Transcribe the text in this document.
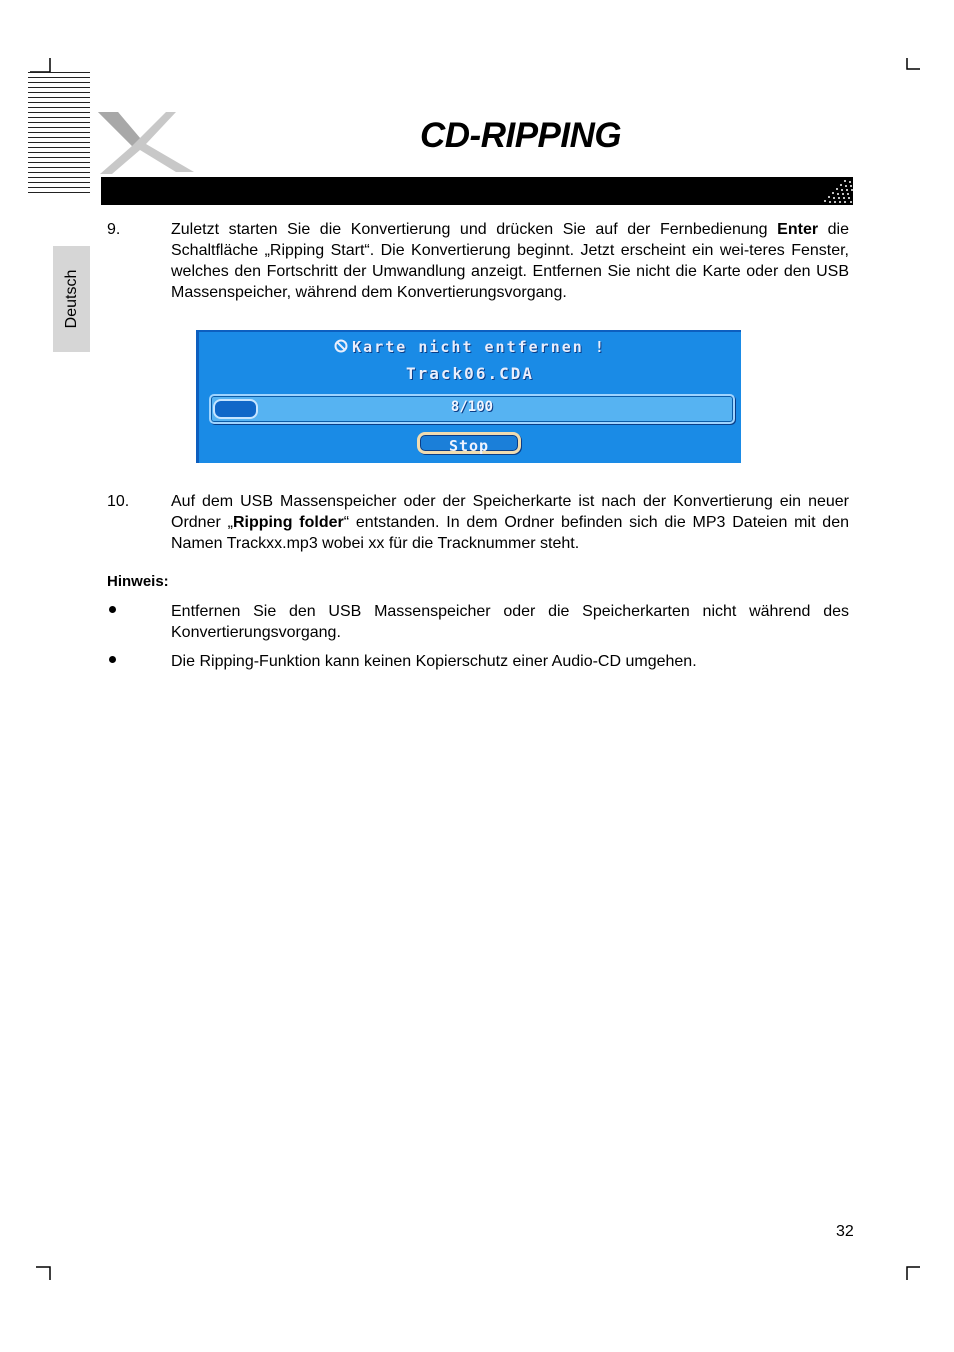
CD-RIPPING
Deutsch
9.	Zuletzt starten Sie die Konvertierung und drücken Sie auf der Fernbedienung Enter die Schaltfläche „Ripping Start“. Die Konvertierung beginnt. Jetzt erscheint ein wei-teres Fenster, welches den Fortschritt der Umwandlung anzeigt. Entfernen Sie nicht die Karte oder den USB Massenspeicher, während dem Konvertierungsvorgang.
Karte nicht entfernen !
Track06.CDA
8/100
Stop
10.	Auf dem USB Massenspeicher oder der Speicherkarte ist nach der Konvertierung ein neuer Ordner „Ripping folder“ entstanden. In dem Ordner befinden sich die MP3 Dateien mit den Namen Trackxx.mp3 wobei xx für die Tracknummer steht.
Hinweis:
Entfernen Sie den USB Massenspeicher oder die Speicherkarten nicht während des Konvertierungsvorgang.
Die Ripping-Funktion kann keinen Kopierschutz einer Audio-CD umgehen.
32
